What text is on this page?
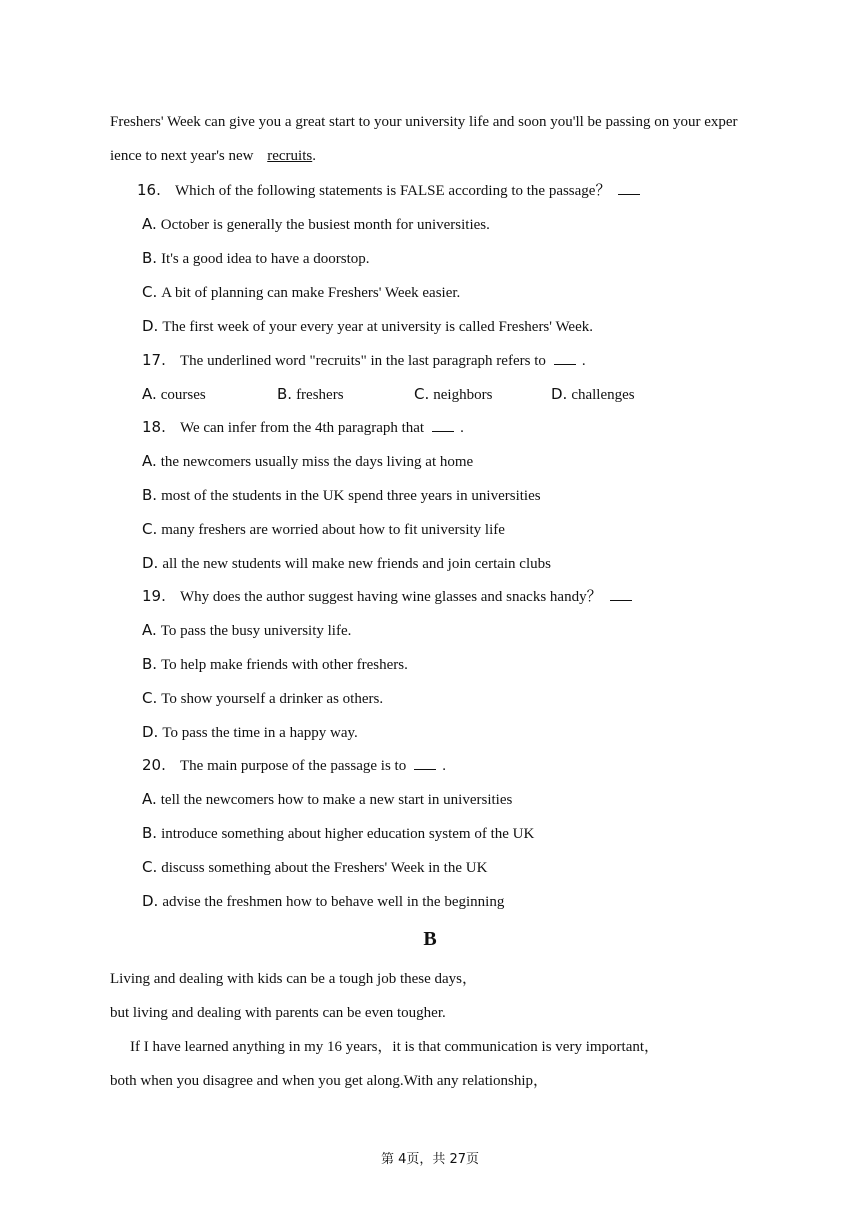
Freshers' Week can give you a great start to your university life and soon you'll be passing on your exper
ience to next year's new recruits.
16. Which of the following statements is FALSE according to the passage？
A. October is generally the busiest month for universities.
B. It's a good idea to have a doorstop.
C. A bit of planning can make Freshers' Week easier.
D. The first week of your every year at university is called Freshers' Week.
17. The underlined word "recruits" in the last paragraph refers to .
A. courses	B. freshers	C. neighbors	D. challenges
18. We can infer from the 4th paragraph that .
A. the newcomers usually miss the days living at home
B. most of the students in the UK spend three years in universities
C. many freshers are worried about how to fit university life
D. all the new students will make new friends and join certain clubs
19. Why does the author suggest having wine glasses and snacks handy？
A. To pass the busy university life.
B. To help make friends with other freshers.
C. To show yourself a drinker as others.
D. To pass the time in a happy way.
20. The main purpose of the passage is to .
A. tell the newcomers how to make a new start in universities
B. introduce something about higher education system of the UK
C. discuss something about the Freshers' Week in the UK
D. advise the freshmen how to behave well in the beginning
B
Living and dealing with kids can be a tough job these days，
but living and dealing with parents can be even tougher.
If I have learned anything in my 16 years，it is that communication is very important，
both when you disagree and when you get along.With any relationship，
第 4页，共 27页
